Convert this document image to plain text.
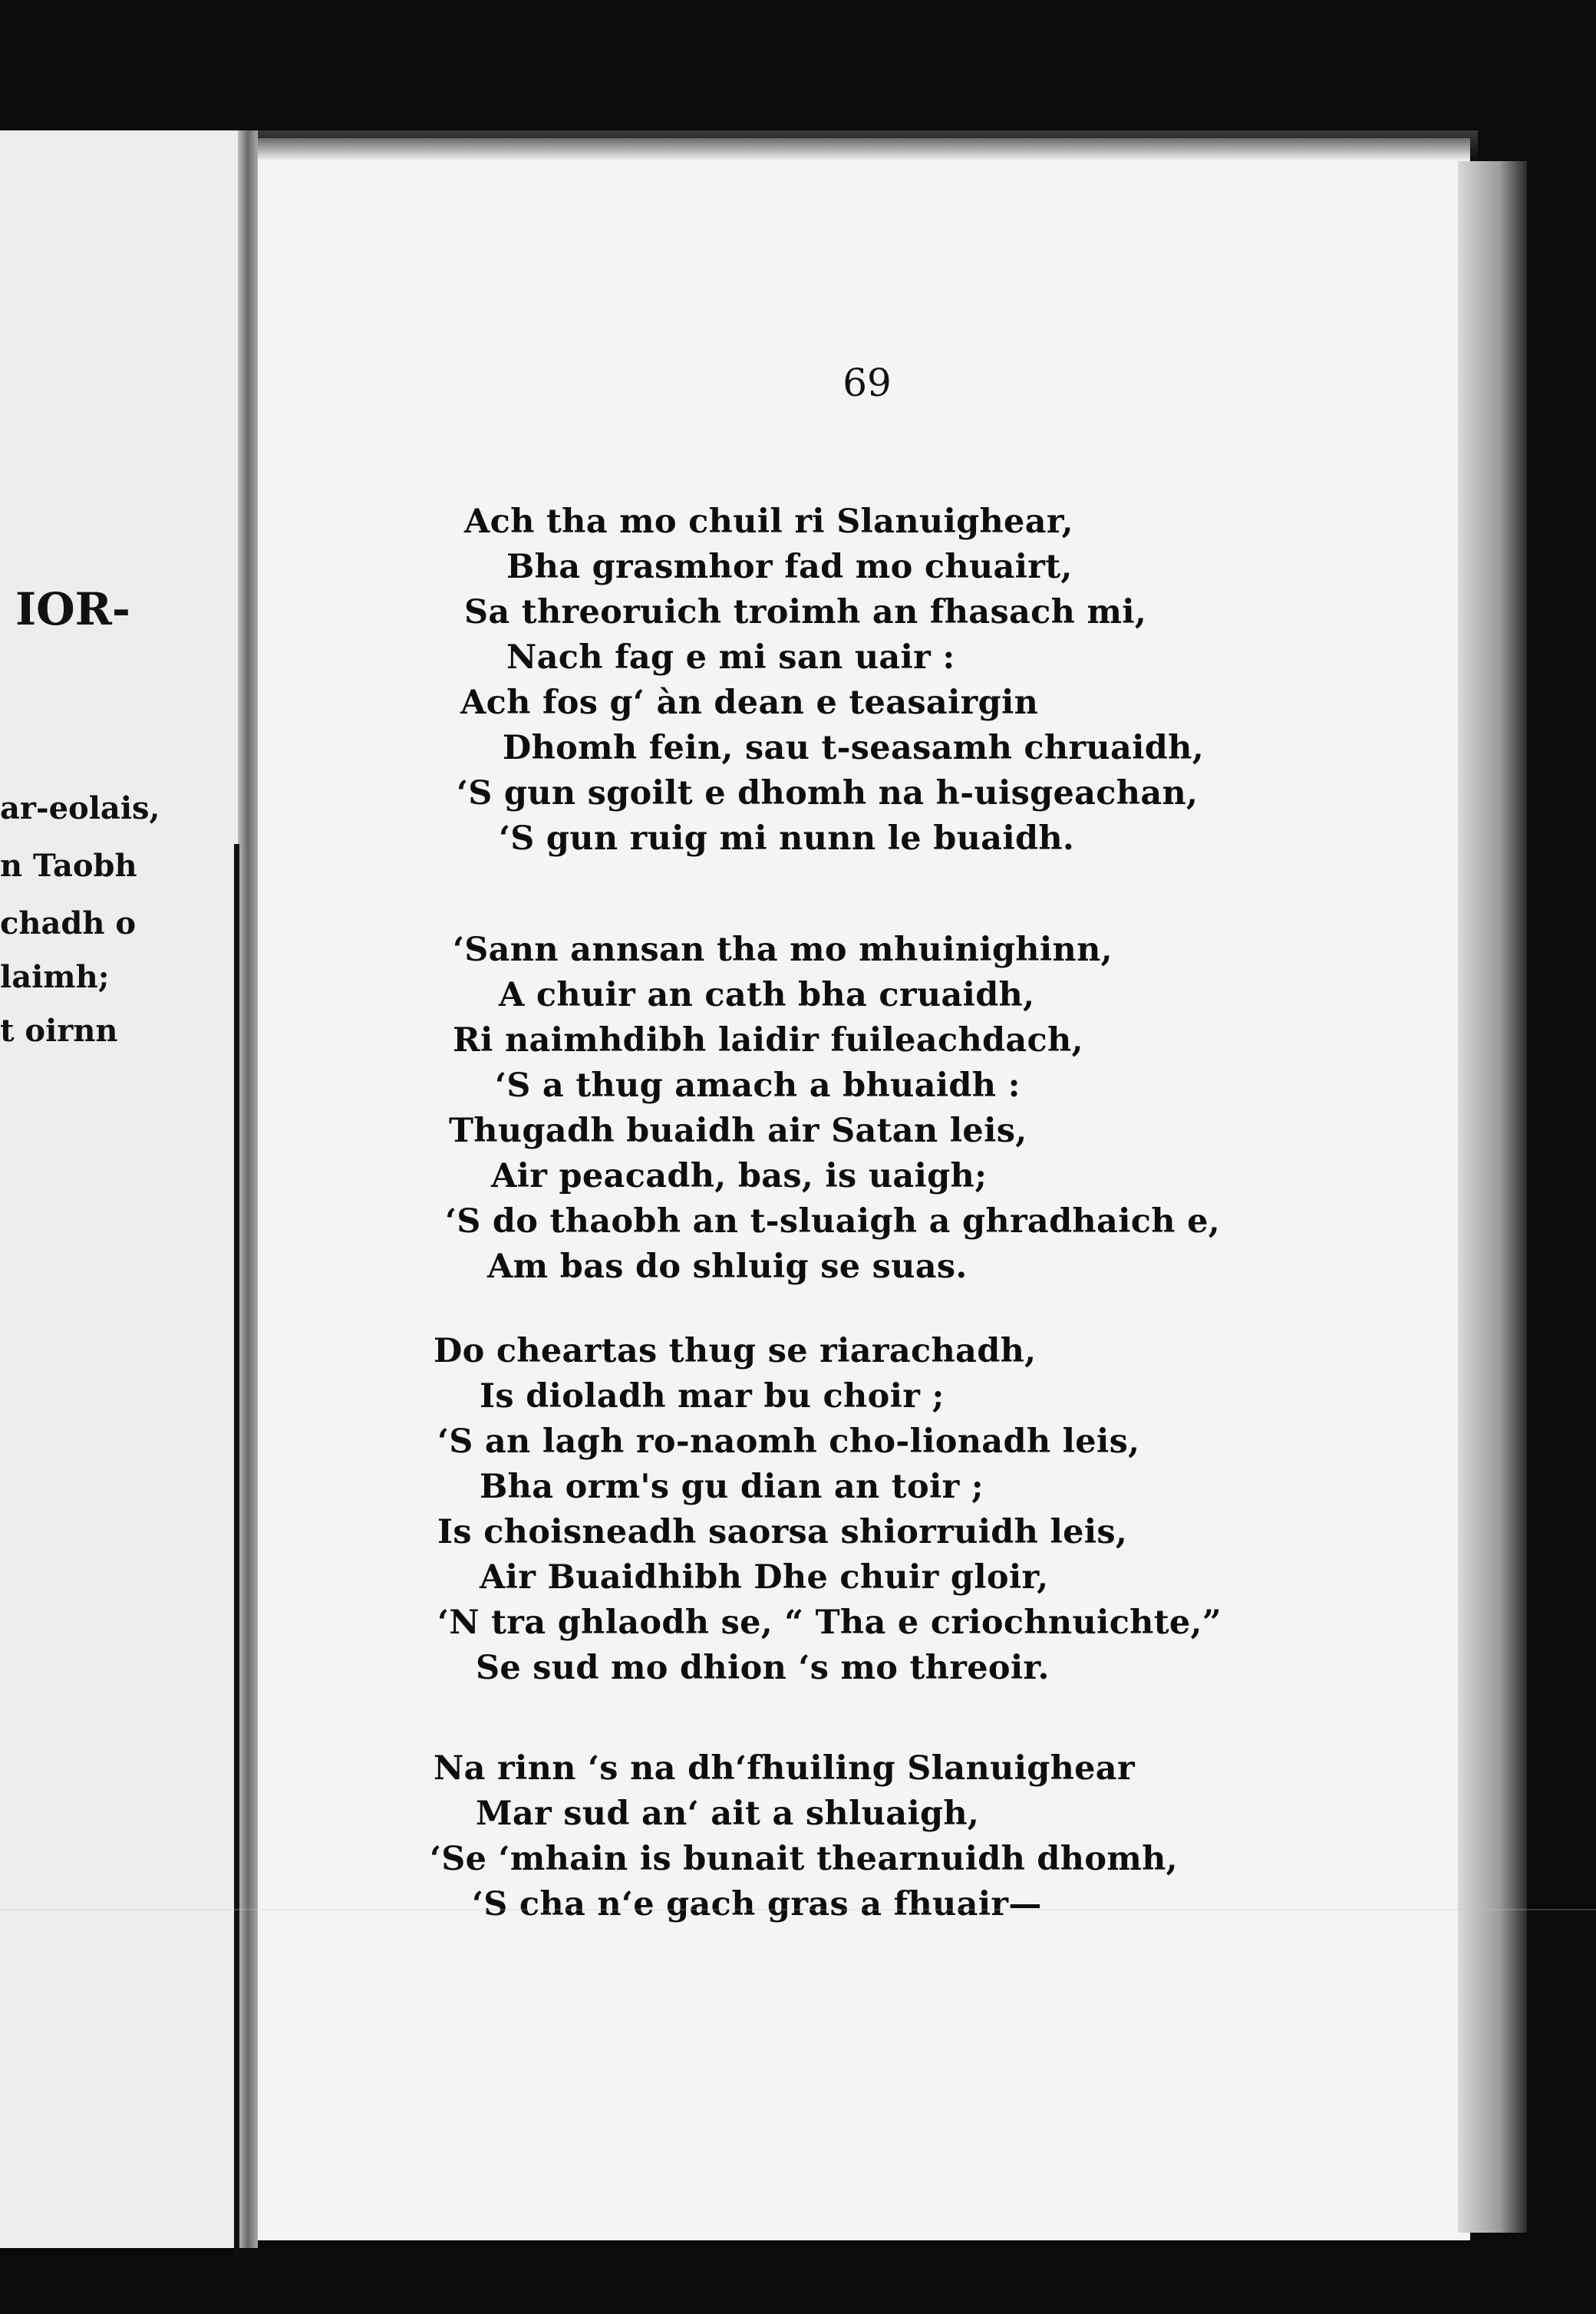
IOR-
ar-eolais,
n Taobh
chadh o
laimh;
t oirnn
69
Ach tha mo chuil ri Slanuighear,
Bha grasmhor fad mo chuairt,
Sa threoruich troimh an fhasach mi,
Nach fag e mi san uair :
Ach fos g‘ àn dean e teasairgin
Dhomh fein, sau t-seasamh chruaidh,
‘S gun sgoilt e dhomh na h-uisgeachan,
‘S gun ruig mi nunn le buaidh.
‘Sann annsan tha mo mhuinighinn,
A chuir an cath bha cruaidh,
Ri naimhdibh laidir fuileachdach,
‘S a thug amach a bhuaidh :
Thugadh buaidh air Satan leis,
Air peacadh, bas, is uaigh;
‘S do thaobh an t-sluaigh a ghradhaich e,
Am bas do shluig se suas.
Do cheartas thug se riarachadh,
Is dioladh mar bu choir ;
‘S an lagh ro-naomh cho-lionadh leis,
Bha orm's gu dian an toir ;
Is choisneadh saorsa shiorruidh leis,
Air Buaidhibh Dhe chuir gloir,
‘N tra ghlaodh se, “ Tha e criochnuichte,”
Se sud mo dhion ‘s mo threoir.
Na rinn ‘s na dh‘fhuiling Slanuighear
Mar sud an‘ ait a shluaigh,
‘Se ‘mhain is bunait thearnuidh dhomh,
‘S cha n‘e gach gras a fhuair—
